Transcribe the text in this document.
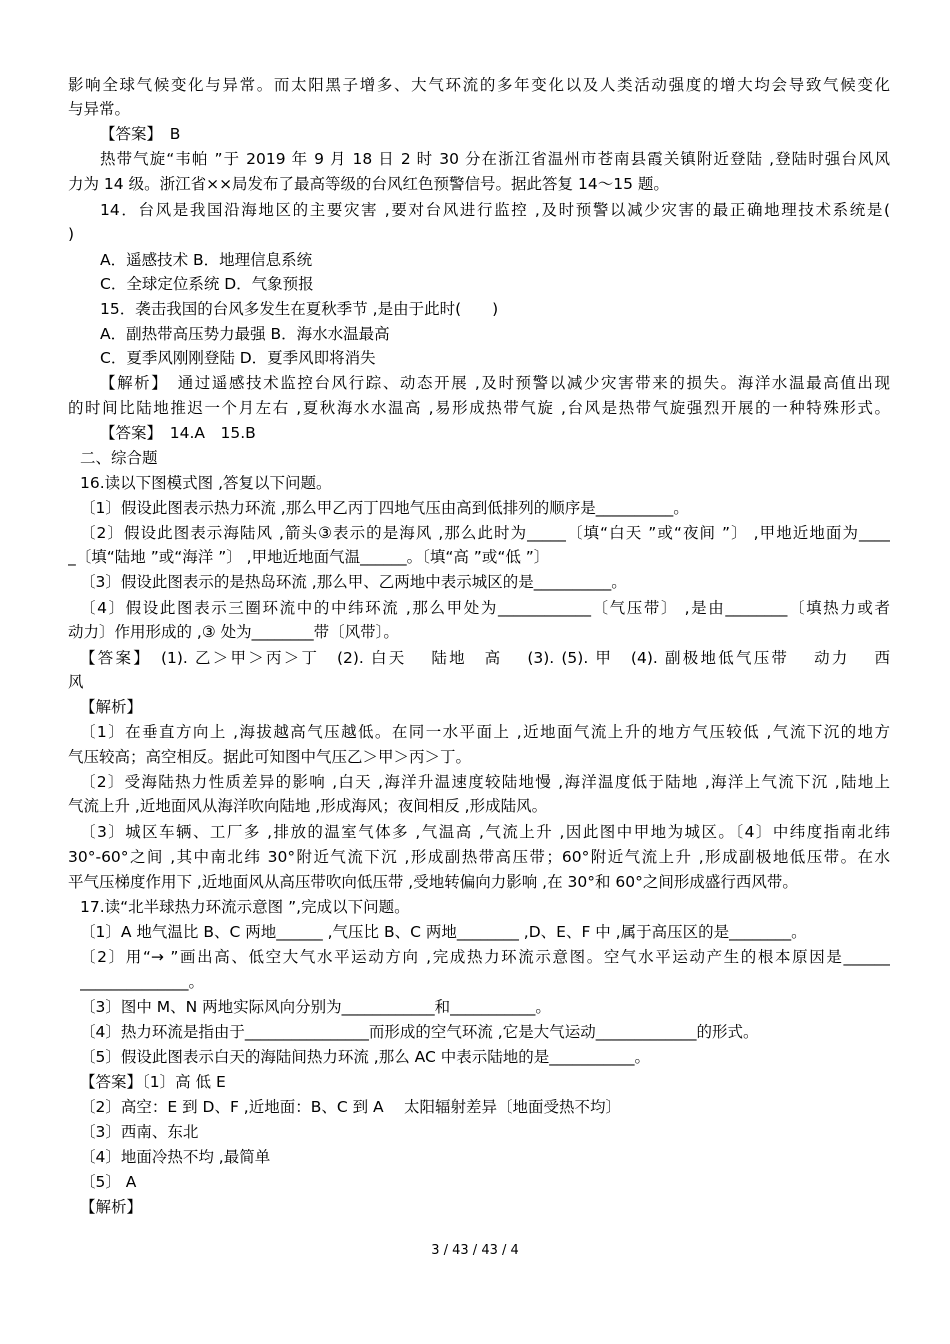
影响全球气候变化与异常。而太阳黑子增多、大气环流的多年变化以及人类活动强度的增大均会导致气候变化
与异常。
【答案】　B
热带气旋“韦帕 ”于 2019 年 9 月 18 日 2 时 30 分在浙江省温州市苍南县霞关镇附近登陆 ,登陆时强台风风
力为 14 级。浙江省××局发布了最高等级的台风红色预警信号。据此答复 14～15 题。
14．台风是我国沿海地区的主要灾害 ,要对台风进行监控 ,及时预警以减少灾害的最正确地理技术系统是(
)
A．遥感技术 B．地理信息系统
C．全球定位系统 D．气象预报
15．袭击我国的台风多发生在夏秋季节 ,是由于此时(　　)
A．副热带高压势力最强 B．海水水温最高
C．夏季风刚刚登陆 D．夏季风即将消失
【解析】　通过遥感技术监控台风行踪、动态开展 ,及时预警以减少灾害带来的损失。海洋水温最高值出现
的时间比陆地推迟一个月左右 ,夏秋海水水温高 ,易形成热带气旋 ,台风是热带气旋强烈开展的一种特殊形式。
【答案】　14.A　15.B
二、综合题
16.读以下图模式图 ,答复以下问题。
〔1〕假设此图表示热力环流 ,那么甲乙丙丁四地气压由高到低排列的顺序是__________。
〔2〕假设此图表示海陆风 ,箭头③表示的是海风 ,那么此时为_____〔填“白天 ”或“夜间 ”〕 ,甲地近地面为____
_〔填“陆地 ”或“海洋 ”〕 ,甲地近地面气温______。〔填“高 ”或“低 ”〕
〔3〕假设此图表示的是热岛环流 ,那么甲、乙两地中表示城区的是__________。
〔4〕假设此图表示三圈环流中的中纬环流 ,那么甲处为____________〔气压带〕 ,是由________〔填热力或者
动力〕作用形成的 ,③ 处为________带〔风带〕。
【答案】　(1). 乙＞甲＞丙＞丁　(2). 白天　 陆地　高　 (3). (5). 甲　(4). 副极地低气压带　 动力　 西
风
【解析】
〔1〕在垂直方向上 ,海拔越高气压越低。在同一水平面上 ,近地面气流上升的地方气压较低 ,气流下沉的地方
气压较高；高空相反。据此可知图中气压乙＞甲＞丙＞丁。
〔2〕受海陆热力性质差异的影响 ,白天 ,海洋升温速度较陆地慢 ,海洋温度低于陆地 ,海洋上气流下沉 ,陆地上
气流上升 ,近地面风从海洋吹向陆地 ,形成海风；夜间相反 ,形成陆风。
〔3〕城区车辆、工厂多 ,排放的温室气体多 ,气温高 ,气流上升 ,因此图中甲地为城区。〔4〕中纬度指南北纬
30°-60°之间 ,其中南北纬 30°附近气流下沉 ,形成副热带高压带；60°附近气流上升 ,形成副极地低压带。在水
平气压梯度作用下 ,近地面风从高压带吹向低压带 ,受地转偏向力影响 ,在 30°和 60°之间形成盛行西风带。
17.读“北半球热力环流示意图 ”,完成以下问题。
〔1〕A 地气温比 B、C 两地______ ,气压比 B、C 两地________ ,D、E、F 中 ,属于高压区的是________。
〔2〕用“→ ”画出高、低空大气水平运动方向 ,完成热力环流示意图。空气水平运动产生的根本原因是______
______________。
〔3〕图中 M、N 两地实际风向分别为____________和___________。
〔4〕热力环流是指由于________________而形成的空气环流 ,它是大气运动_____________的形式。
〔5〕假设此图表示白天的海陆间热力环流 ,那么 AC 中表示陆地的是___________。
【答案】〔1〕高 低 E
〔2〕高空：E 到 D、F ,近地面：B、C 到 A　 太阳辐射差异〔地面受热不均〕
〔3〕西南、东北
〔4〕地面冷热不均 ,最简单
〔5〕 A
【解析】
3 / 43 / 43 / 4
